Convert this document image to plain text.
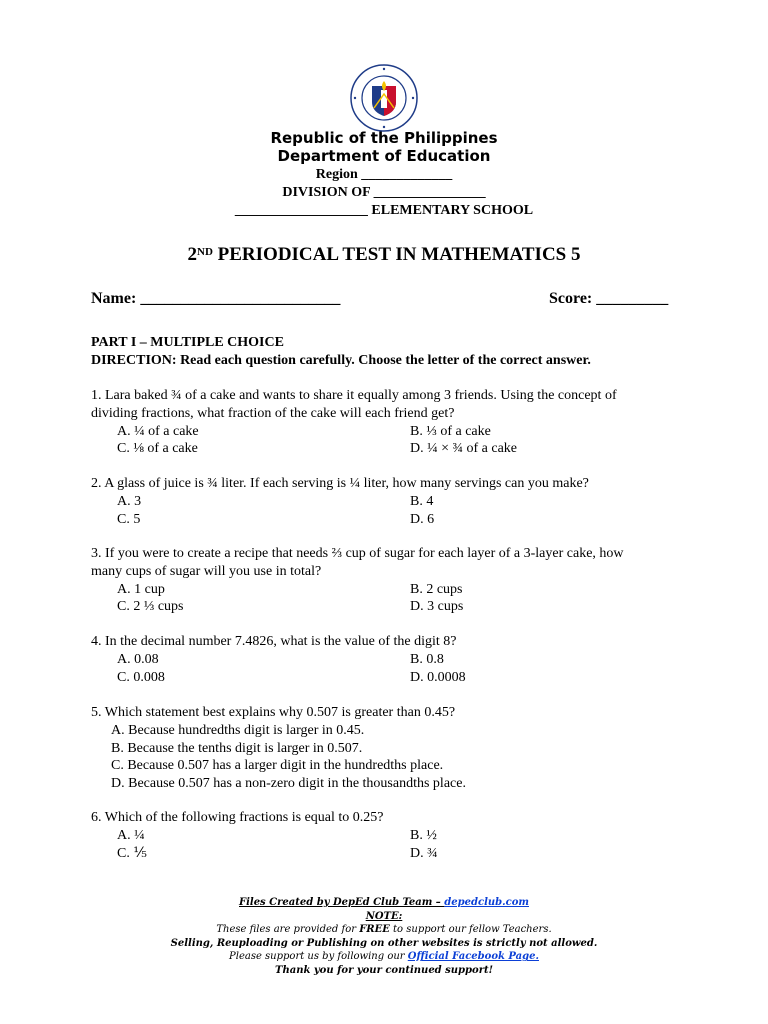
Republic of the Philippines
Department of Education
Region _____________
DIVISION OF ________________
___________________ ELEMENTARY SCHOOL
2ND PERIODICAL TEST IN MATHEMATICS 5
Name: _________________________	Score: _________
PART I – MULTIPLE CHOICE
DIRECTION: Read each question carefully. Choose the letter of the correct answer.
1. Lara baked ¾ of a cake and wants to share it equally among 3 friends. Using the concept of
dividing fractions, what fraction of the cake will each friend get?
A. ¼ of a cake	B. ⅓ of a cake
C. ⅛ of a cake	D. ¼ × ¾ of a cake
2. A glass of juice is ¾ liter. If each serving is ¼ liter, how many servings can you make?
A. 3	B. 4
C. 5	D. 6
3. If you were to create a recipe that needs ⅔ cup of sugar for each layer of a 3-layer cake, how
many cups of sugar will you use in total?
A. 1 cup	B. 2 cups
C. 2 ⅓ cups	D. 3 cups
4. In the decimal number 7.4826, what is the value of the digit 8?
A. 0.08	B. 0.8
C. 0.008	D. 0.0008
5. Which statement best explains why 0.507 is greater than 0.45?
A. Because hundredths digit is larger in 0.45.
B. Because the tenths digit is larger in 0.507.
C. Because 0.507 has a larger digit in the hundredths place.
D. Because 0.507 has a non-zero digit in the thousandths place.
6. Which of the following fractions is equal to 0.25?
A. ¼	B. ½
C. ⅕	D. ¾
Files Created by DepEd Club Team – depedclub.com
NOTE:
These files are provided for FREE to support our fellow Teachers.
Selling, Reuploading or Publishing on other websites is strictly not allowed.
Please support us by following our Official Facebook Page.
Thank you for your continued support!
